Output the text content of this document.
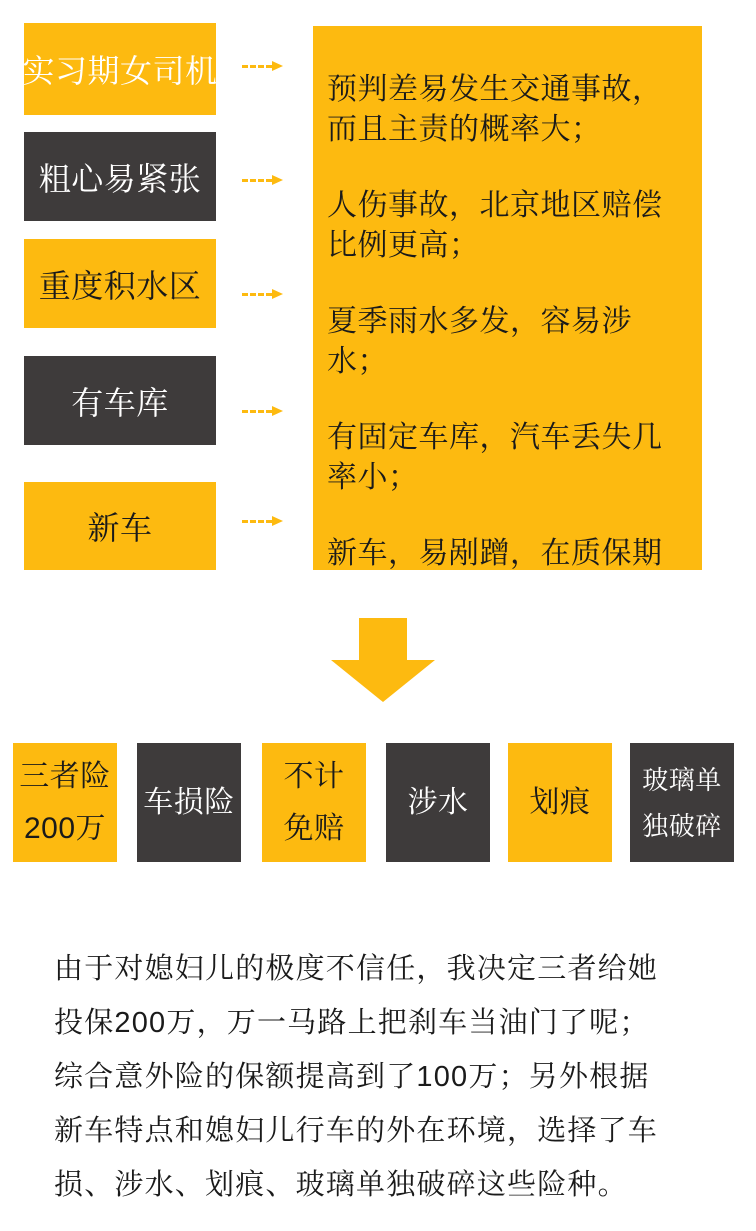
实习期女司机
粗心易紧张
重度积水区
有车库
新车

预判差易发生交通事故，而且主责的概率大；

人伤事故，北京地区赔偿比例更高；

夏季雨水多发，容易涉水；

有固定车库，汽车丢失几率小；

新车，易剐蹭，在质保期

三者险
200万
车损险
不计
免赔
涉水 划痕
玻璃单
独破碎
由于对媳妇儿的极度不信任，我决定三者给她
投保200万，万一马路上把刹车当油门了呢；
综合意外险的保额提高到了100万；另外根据
新车特点和媳妇儿行车的外在环境，选择了车
损、涉水、划痕、玻璃单独破碎这些险种。
